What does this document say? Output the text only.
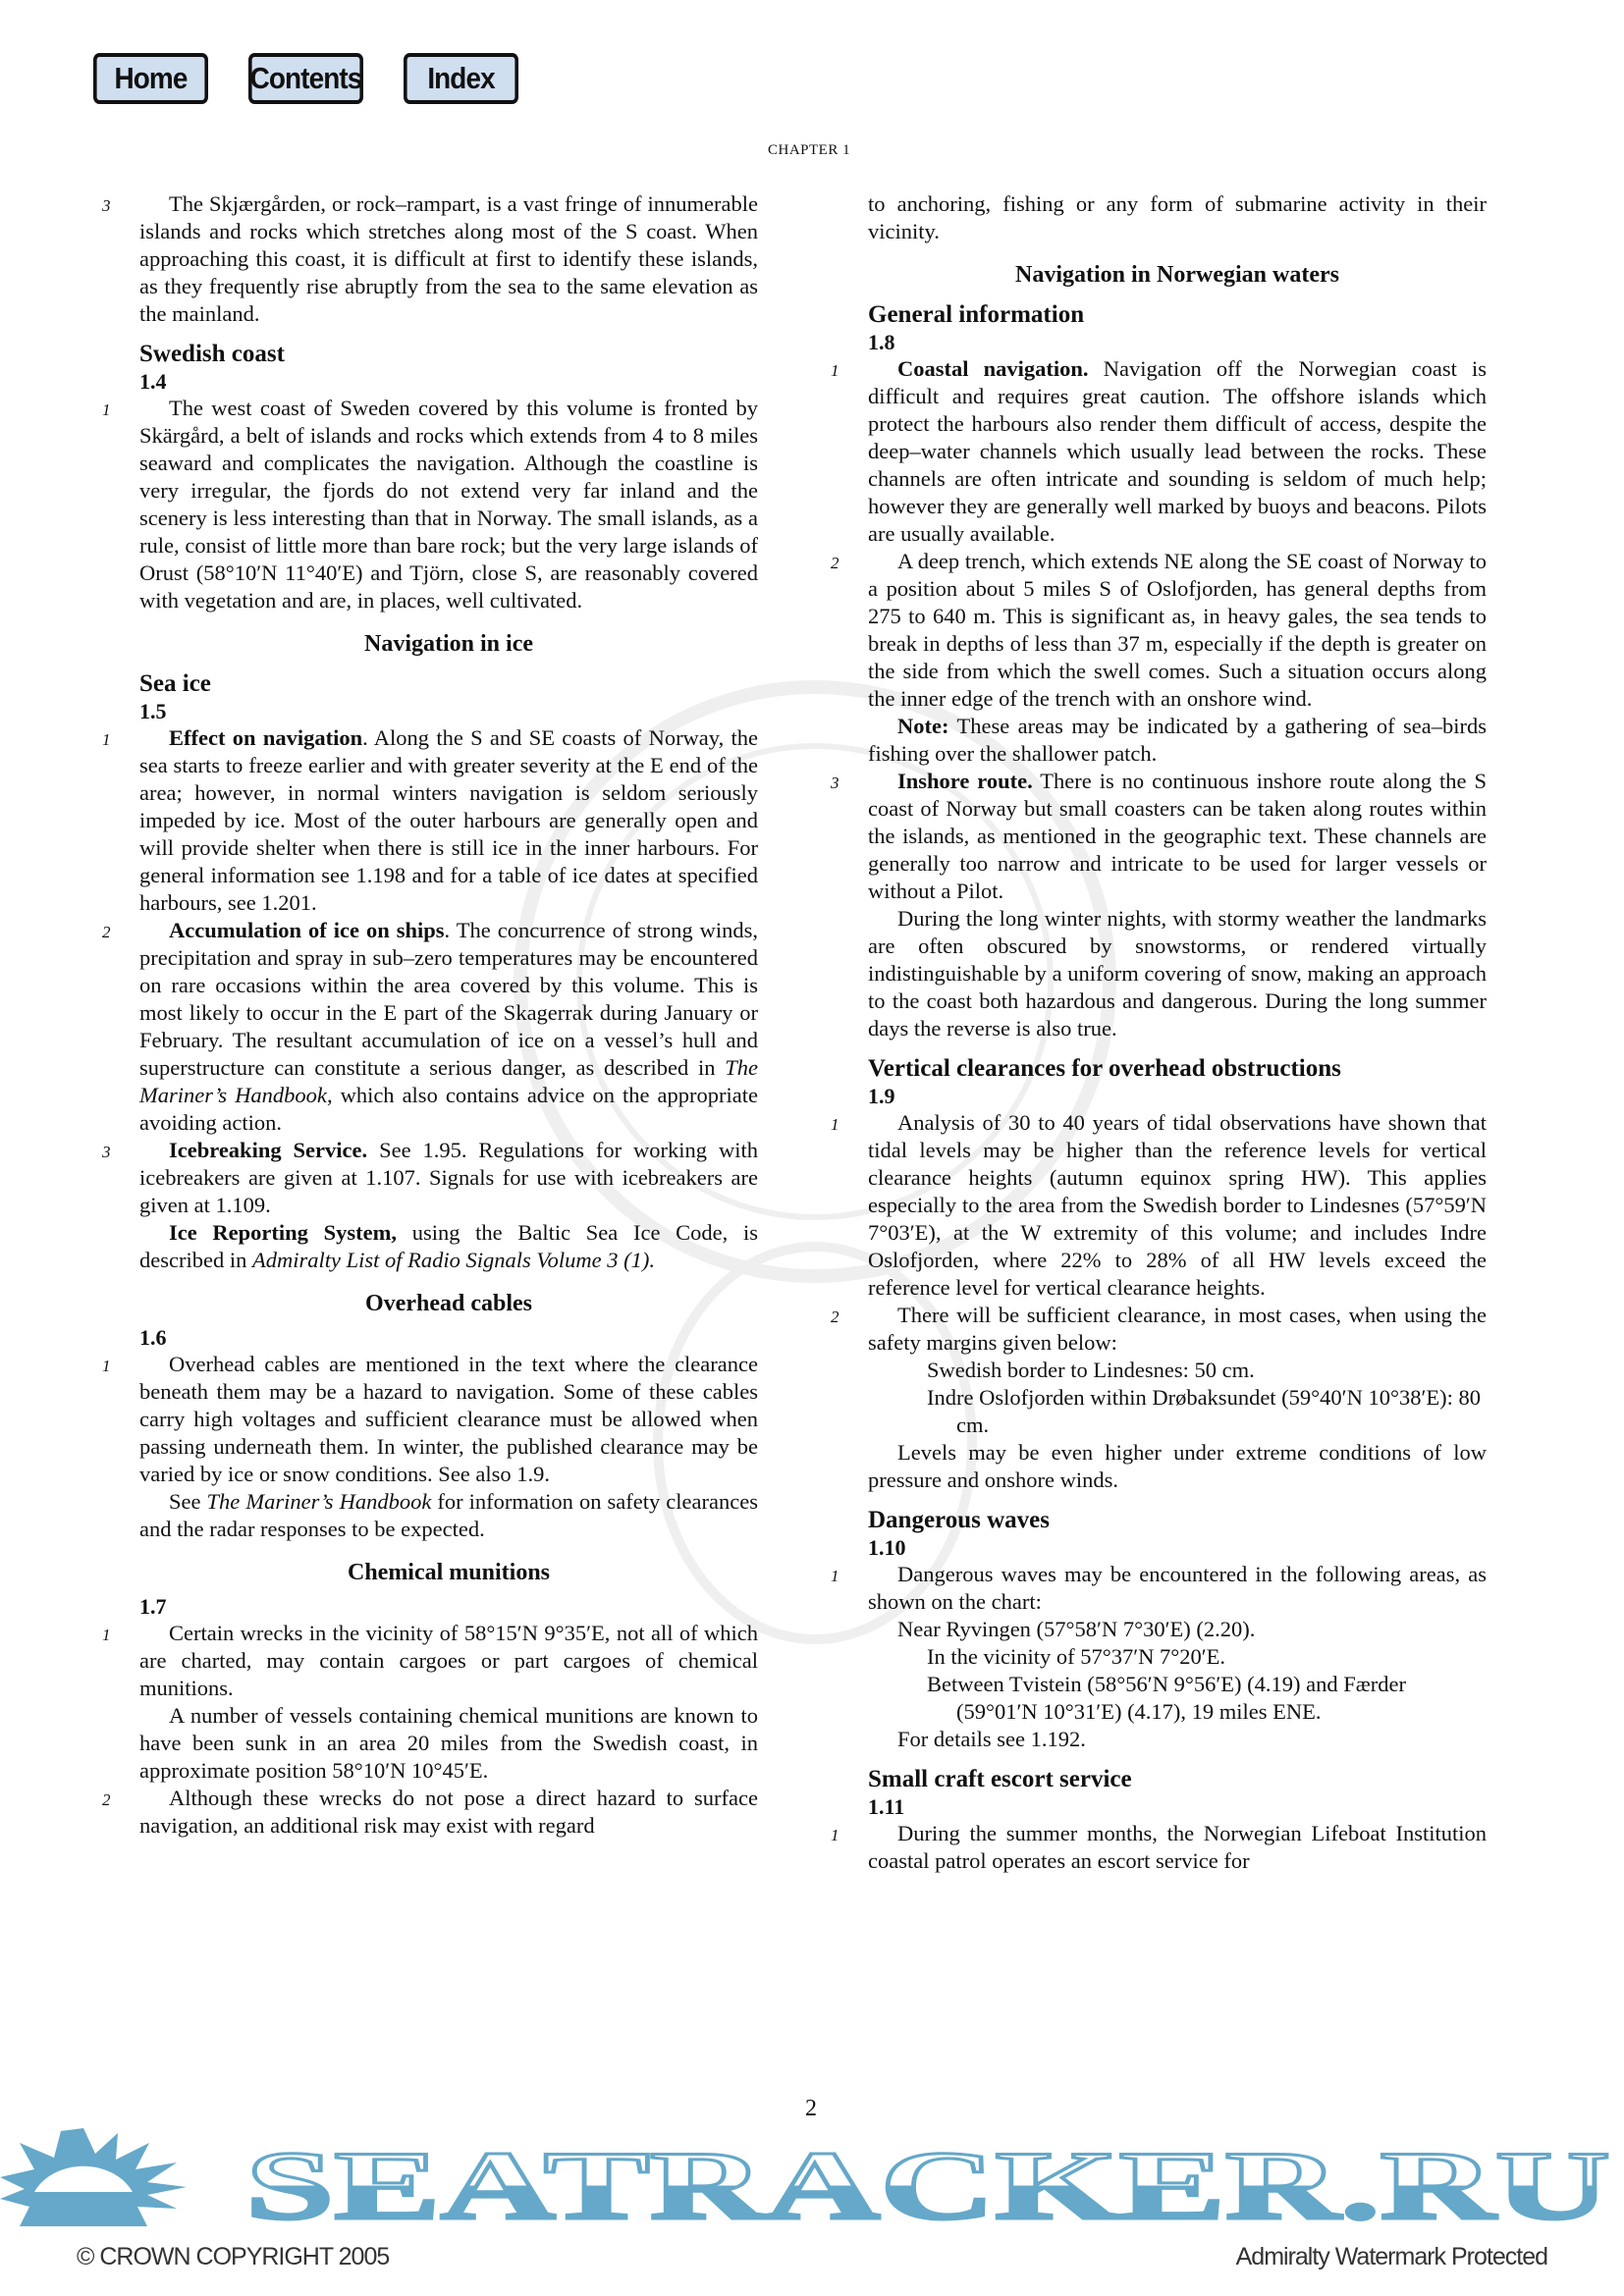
Home	Contents	Index
CHAPTER 1
3	The Skjærgården, or rock–rampart, is a vast fringe of innumerable islands and rocks which stretches along most of the S coast. When approaching this coast, it is difficult at first to identify these islands, as they frequently rise abruptly from the sea to the same elevation as the mainland.
Swedish coast
1.4
1	The west coast of Sweden covered by this volume is fronted by Skärgård, a belt of islands and rocks which extends from 4 to 8 miles seaward and complicates the navigation. Although the coastline is very irregular, the fjords do not extend very far inland and the scenery is less interesting than that in Norway. The small islands, as a rule, consist of little more than bare rock; but the very large islands of Orust (58°10′N 11°40′E) and Tjörn, close S, are reasonably covered with vegetation and are, in places, well cultivated.
Navigation in ice
Sea ice
1.5
1	Effect on navigation. Along the S and SE coasts of Norway, the sea starts to freeze earlier and with greater severity at the E end of the area; however, in normal winters navigation is seldom seriously impeded by ice. Most of the outer harbours are generally open and will provide shelter when there is still ice in the inner harbours. For general information see 1.198 and for a table of ice dates at specified harbours, see 1.201.
2	Accumulation of ice on ships. The concurrence of strong winds, precipitation and spray in sub–zero temperatures may be encountered on rare occasions within the area covered by this volume. This is most likely to occur in the E part of the Skagerrak during January or February. The resultant accumulation of ice on a vessel’s hull and superstructure can constitute a serious danger, as described in The Mariner’s Handbook, which also contains advice on the appropriate avoiding action.
3	Icebreaking Service. See 1.95. Regulations for working with icebreakers are given at 1.107. Signals for use with icebreakers are given at 1.109.
Ice Reporting System, using the Baltic Sea Ice Code, is described in Admiralty List of Radio Signals Volume 3 (1).
Overhead cables
1.6
1	Overhead cables are mentioned in the text where the clearance beneath them may be a hazard to navigation. Some of these cables carry high voltages and sufficient clearance must be allowed when passing underneath them. In winter, the published clearance may be varied by ice or snow conditions. See also 1.9.
See The Mariner’s Handbook for information on safety clearances and the radar responses to be expected.
Chemical munitions
1.7
1	Certain wrecks in the vicinity of 58°15′N 9°35′E, not all of which are charted, may contain cargoes or part cargoes of chemical munitions.
A number of vessels containing chemical munitions are known to have been sunk in an area 20 miles from the Swedish coast, in approximate position 58°10′N 10°45′E.
2	Although these wrecks do not pose a direct hazard to surface navigation, an additional risk may exist with regard
to anchoring, fishing or any form of submarine activity in their vicinity.
Navigation in Norwegian waters
General information
1.8
1	Coastal navigation. Navigation off the Norwegian coast is difficult and requires great caution. The offshore islands which protect the harbours also render them difficult of access, despite the deep–water channels which usually lead between the rocks. These channels are often intricate and sounding is seldom of much help; however they are generally well marked by buoys and beacons. Pilots are usually available.
2	A deep trench, which extends NE along the SE coast of Norway to a position about 5 miles S of Oslofjorden, has general depths from 275 to 640 m. This is significant as, in heavy gales, the sea tends to break in depths of less than 37 m, especially if the depth is greater on the side from which the swell comes. Such a situation occurs along the inner edge of the trench with an onshore wind.
Note: These areas may be indicated by a gathering of sea–birds fishing over the shallower patch.
3	Inshore route. There is no continuous inshore route along the S coast of Norway but small coasters can be taken along routes within the islands, as mentioned in the geographic text. These channels are generally too narrow and intricate to be used for larger vessels or without a Pilot.
During the long winter nights, with stormy weather the landmarks are often obscured by snowstorms, or rendered virtually indistinguishable by a uniform covering of snow, making an approach to the coast both hazardous and dangerous. During the long summer days the reverse is also true.
Vertical clearances for overhead obstructions
1.9
1	Analysis of 30 to 40 years of tidal observations have shown that tidal levels may be higher than the reference levels for vertical clearance heights (autumn equinox spring HW). This applies especially to the area from the Swedish border to Lindesnes (57°59′N 7°03′E), at the W extremity of this volume; and includes Indre Oslofjorden, where 22% to 28% of all HW levels exceed the reference level for vertical clearance heights.
2	There will be sufficient clearance, in most cases, when using the safety margins given below:
Swedish border to Lindesnes: 50 cm.
Indre Oslofjorden within Drøbaksundet (59°40′N 10°38′E): 80 cm.
Levels may be even higher under extreme conditions of low pressure and onshore winds.
Dangerous waves
1.10
1	Dangerous waves may be encountered in the following areas, as shown on the chart:
Near Ryvingen (57°58′N 7°30′E) (2.20).
In the vicinity of 57°37′N 7°20′E.
Between Tvistein (58°56′N 9°56′E) (4.19) and Færder (59°01′N 10°31′E) (4.17), 19 miles ENE.
For details see 1.192.
Small craft escort service
1.11
1	During the summer months, the Norwegian Lifeboat Institution coastal patrol operates an escort service for
2
SEATRACKER.RU
© CROWN COPYRIGHT 2005	Admiralty Watermark Protected
